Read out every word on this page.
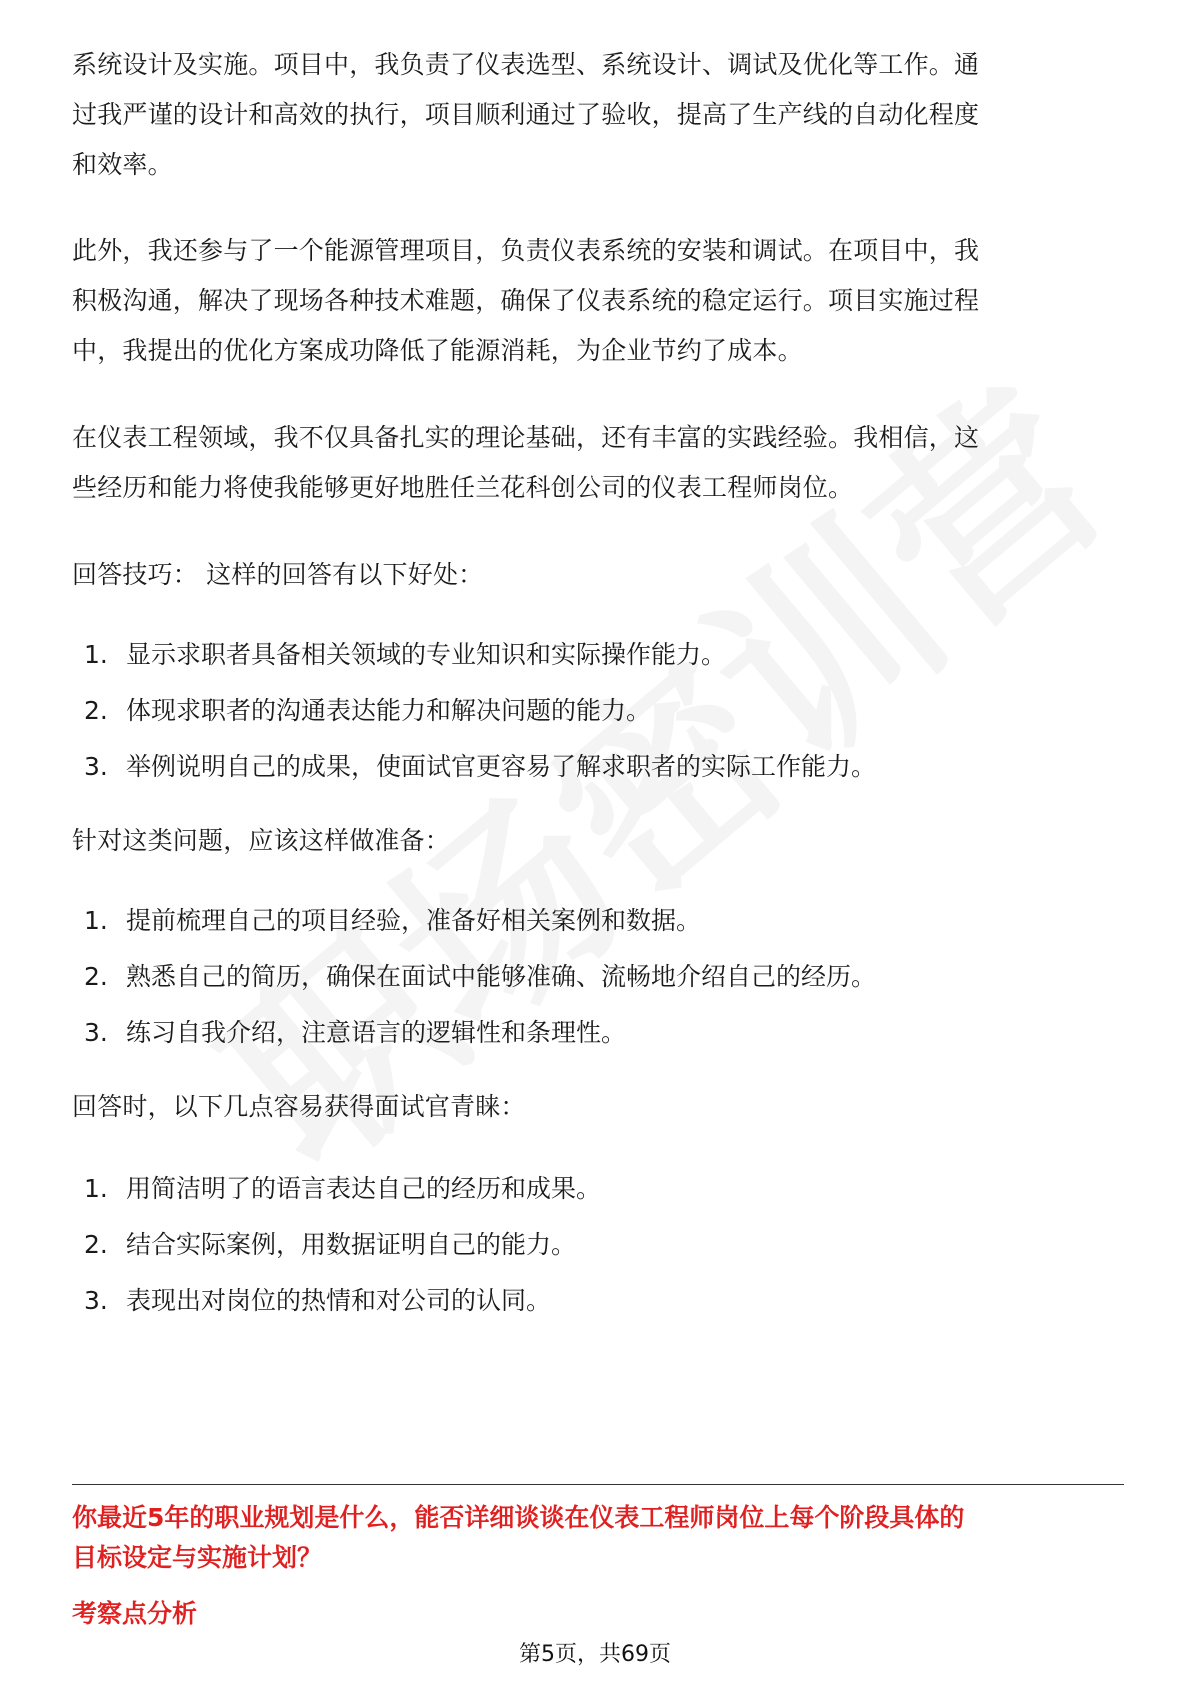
系统设计及实施。项目中，我负责了仪表选型、系统设计、调试及优化等工作。通
过我严谨的设计和高效的执行，项目顺利通过了验收，提高了生产线的自动化程度
和效率。

此外，我还参与了一个能源管理项目，负责仪表系统的安装和调试。在项目中，我
积极沟通，解决了现场各种技术难题，确保了仪表系统的稳定运行。项目实施过程
中，我提出的优化方案成功降低了能源消耗，为企业节约了成本。

在仪表工程领域，我不仅具备扎实的理论基础，还有丰富的实践经验。我相信，这
些经历和能力将使我能够更好地胜任兰花科创公司的仪表工程师岗位。

回答技巧： 这样的回答有以下好处：

1. 显示求职者具备相关领域的专业知识和实际操作能力。
2. 体现求职者的沟通表达能力和解决问题的能力。
3. 举例说明自己的成果，使面试官更容易了解求职者的实际工作能力。

针对这类问题，应该这样做准备：

1. 提前梳理自己的项目经验，准备好相关案例和数据。
2. 熟悉自己的简历，确保在面试中能够准确、流畅地介绍自己的经历。
3. 练习自我介绍，注意语言的逻辑性和条理性。

回答时，以下几点容易获得面试官青睐：

1. 用简洁明了的语言表达自己的经历和成果。
2. 结合实际案例，用数据证明自己的能力。
3. 表现出对岗位的热情和对公司的认同。

你最近5年的职业规划是什么，能否详细谈谈在仪表工程师岗位上每个阶段具体的
目标设定与实施计划？

考察点分析

第5页，共69页
